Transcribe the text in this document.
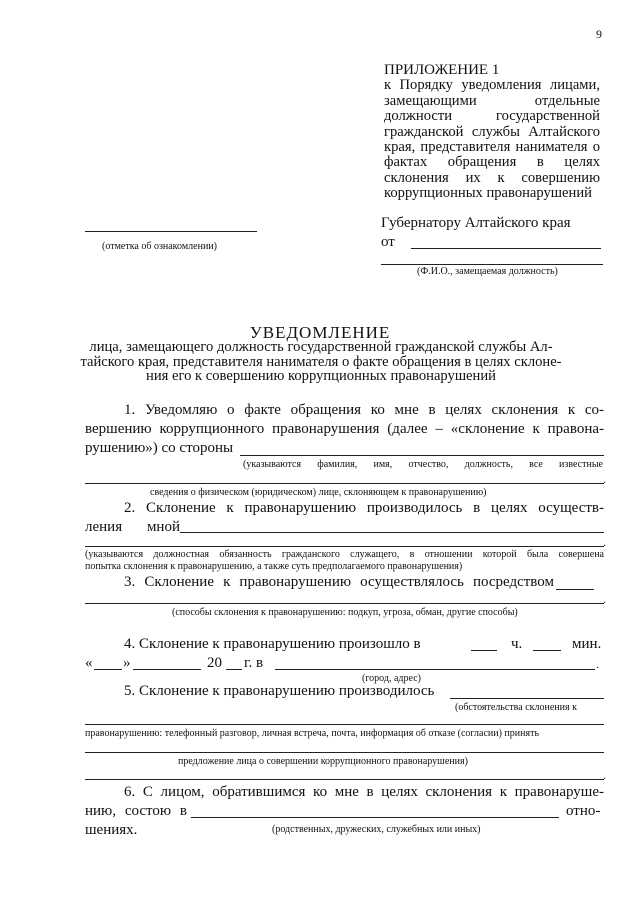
9
ПРИЛОЖЕНИЕ 1
к Порядку уведомления лицами, замещающими отдельные должности государственной гражданской службы Алтайского края, представителя нанимателя о фактах обращения в целях склонения их к совершению коррупционных правонарушений
(отметка об ознакомлении)
Губернатору Алтайского края
от
(Ф.И.О., замещаемая должность)
УВЕДОМЛЕНИЕ
лица, замещающего должность государственной гражданской службы Ал-
тайского края, представителя нанимателя о факте обращения в целях склоне-
ния его к совершению коррупционных правонарушений
1. Уведомляю о факте обращения ко мне в целях склонения к со-
вершению коррупционного правонарушения (далее – «склонение к правона-
рушению») со стороны
(указываются фамилия, имя, отчество, должность, все известные
.
сведения о физическом (юридическом) лице, склоняющем к правонарушению)
2. Склонение к правонарушению производилось в целях осуществ-
ления мной
.
(указываются должностная обязанность гражданского служащего, в отношении которой была совершена
попытка склонения к правонарушению, а также суть предполагаемого правонарушения)
3. Склонение к правонарушению осуществлялось посредством
.
(способы склонения к правонарушению: подкуп, угроза, обман, другие способы)
4. Склонение к правонарушению произошло в	ч.	мин.
« »	20 г. в	.
(город, адрес)
5. Склонение к правонарушению производилось
(обстоятельства склонения к
правонарушению: телефонный разговор, личная встреча, почта, информация об отказе (согласии) принять
предложение лица о совершении коррупционного правонарушения)
.
6. С лицом, обратившимся ко мне в целях склонения к правонаруше-
нию, состою в	отно-
шениях.	(родственных, дружеских, служебных или иных)
